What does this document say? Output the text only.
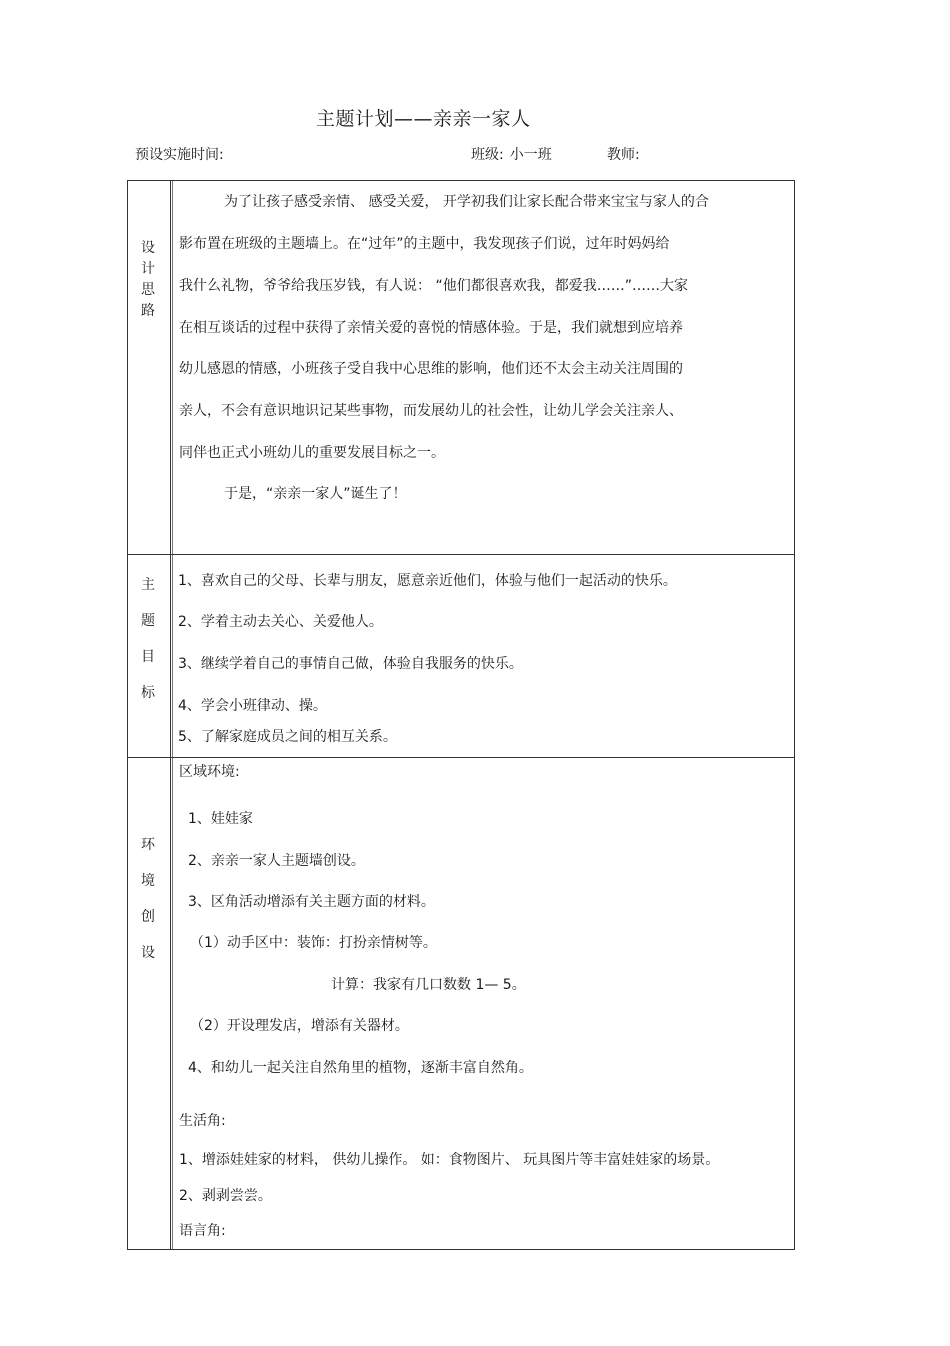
主题计划——亲亲一家人
预设实施时间:	班级: 小一班	教师:
设
计
思
路
为了让孩子感受亲情、 感受关爱， 开学初我们让家长配合带来宝宝与家人的合
影布置在班级的主题墙上。在“过年”的主题中，我发现孩子们说，过年时妈妈给
我什么礼物，爷爷给我压岁钱，有人说： “他们都很喜欢我，都爱我……”……大家
在相互谈话的过程中获得了亲情关爱的喜悦的情感体验。于是，我们就想到应培养
幼儿感恩的情感，小班孩子受自我中心思维的影响，他们还不太会主动关注周围的
亲人，不会有意识地识记某些事物，而发展幼儿的社会性，让幼儿学会关注亲人、
同伴也正式小班幼儿的重要发展目标之一。
于是，“亲亲一家人”诞生了！
主
题
目
标
1、喜欢自己的父母、长辈与朋友，愿意亲近他们，体验与他们一起活动的快乐。
2、学着主动去关心、关爱他人。
3、继续学着自己的事情自己做，体验自我服务的快乐。
4、学会小班律动、操。
5、了解家庭成员之间的相互关系。
环
境
创
设
区域环境:
1、娃娃家
2、亲亲一家人主题墙创设。
3、区角活动增添有关主题方面的材料。
（1）动手区中：装饰：打扮亲情树等。
计算：我家有几口数数 1— 5。
（2）开设理发店，增添有关器材。
4、和幼儿一起关注自然角里的植物，逐渐丰富自然角。
生活角:
1、增添娃娃家的材料， 供幼儿操作。 如：食物图片、 玩具图片等丰富娃娃家的场景。
2、剥剥尝尝。
语言角:
